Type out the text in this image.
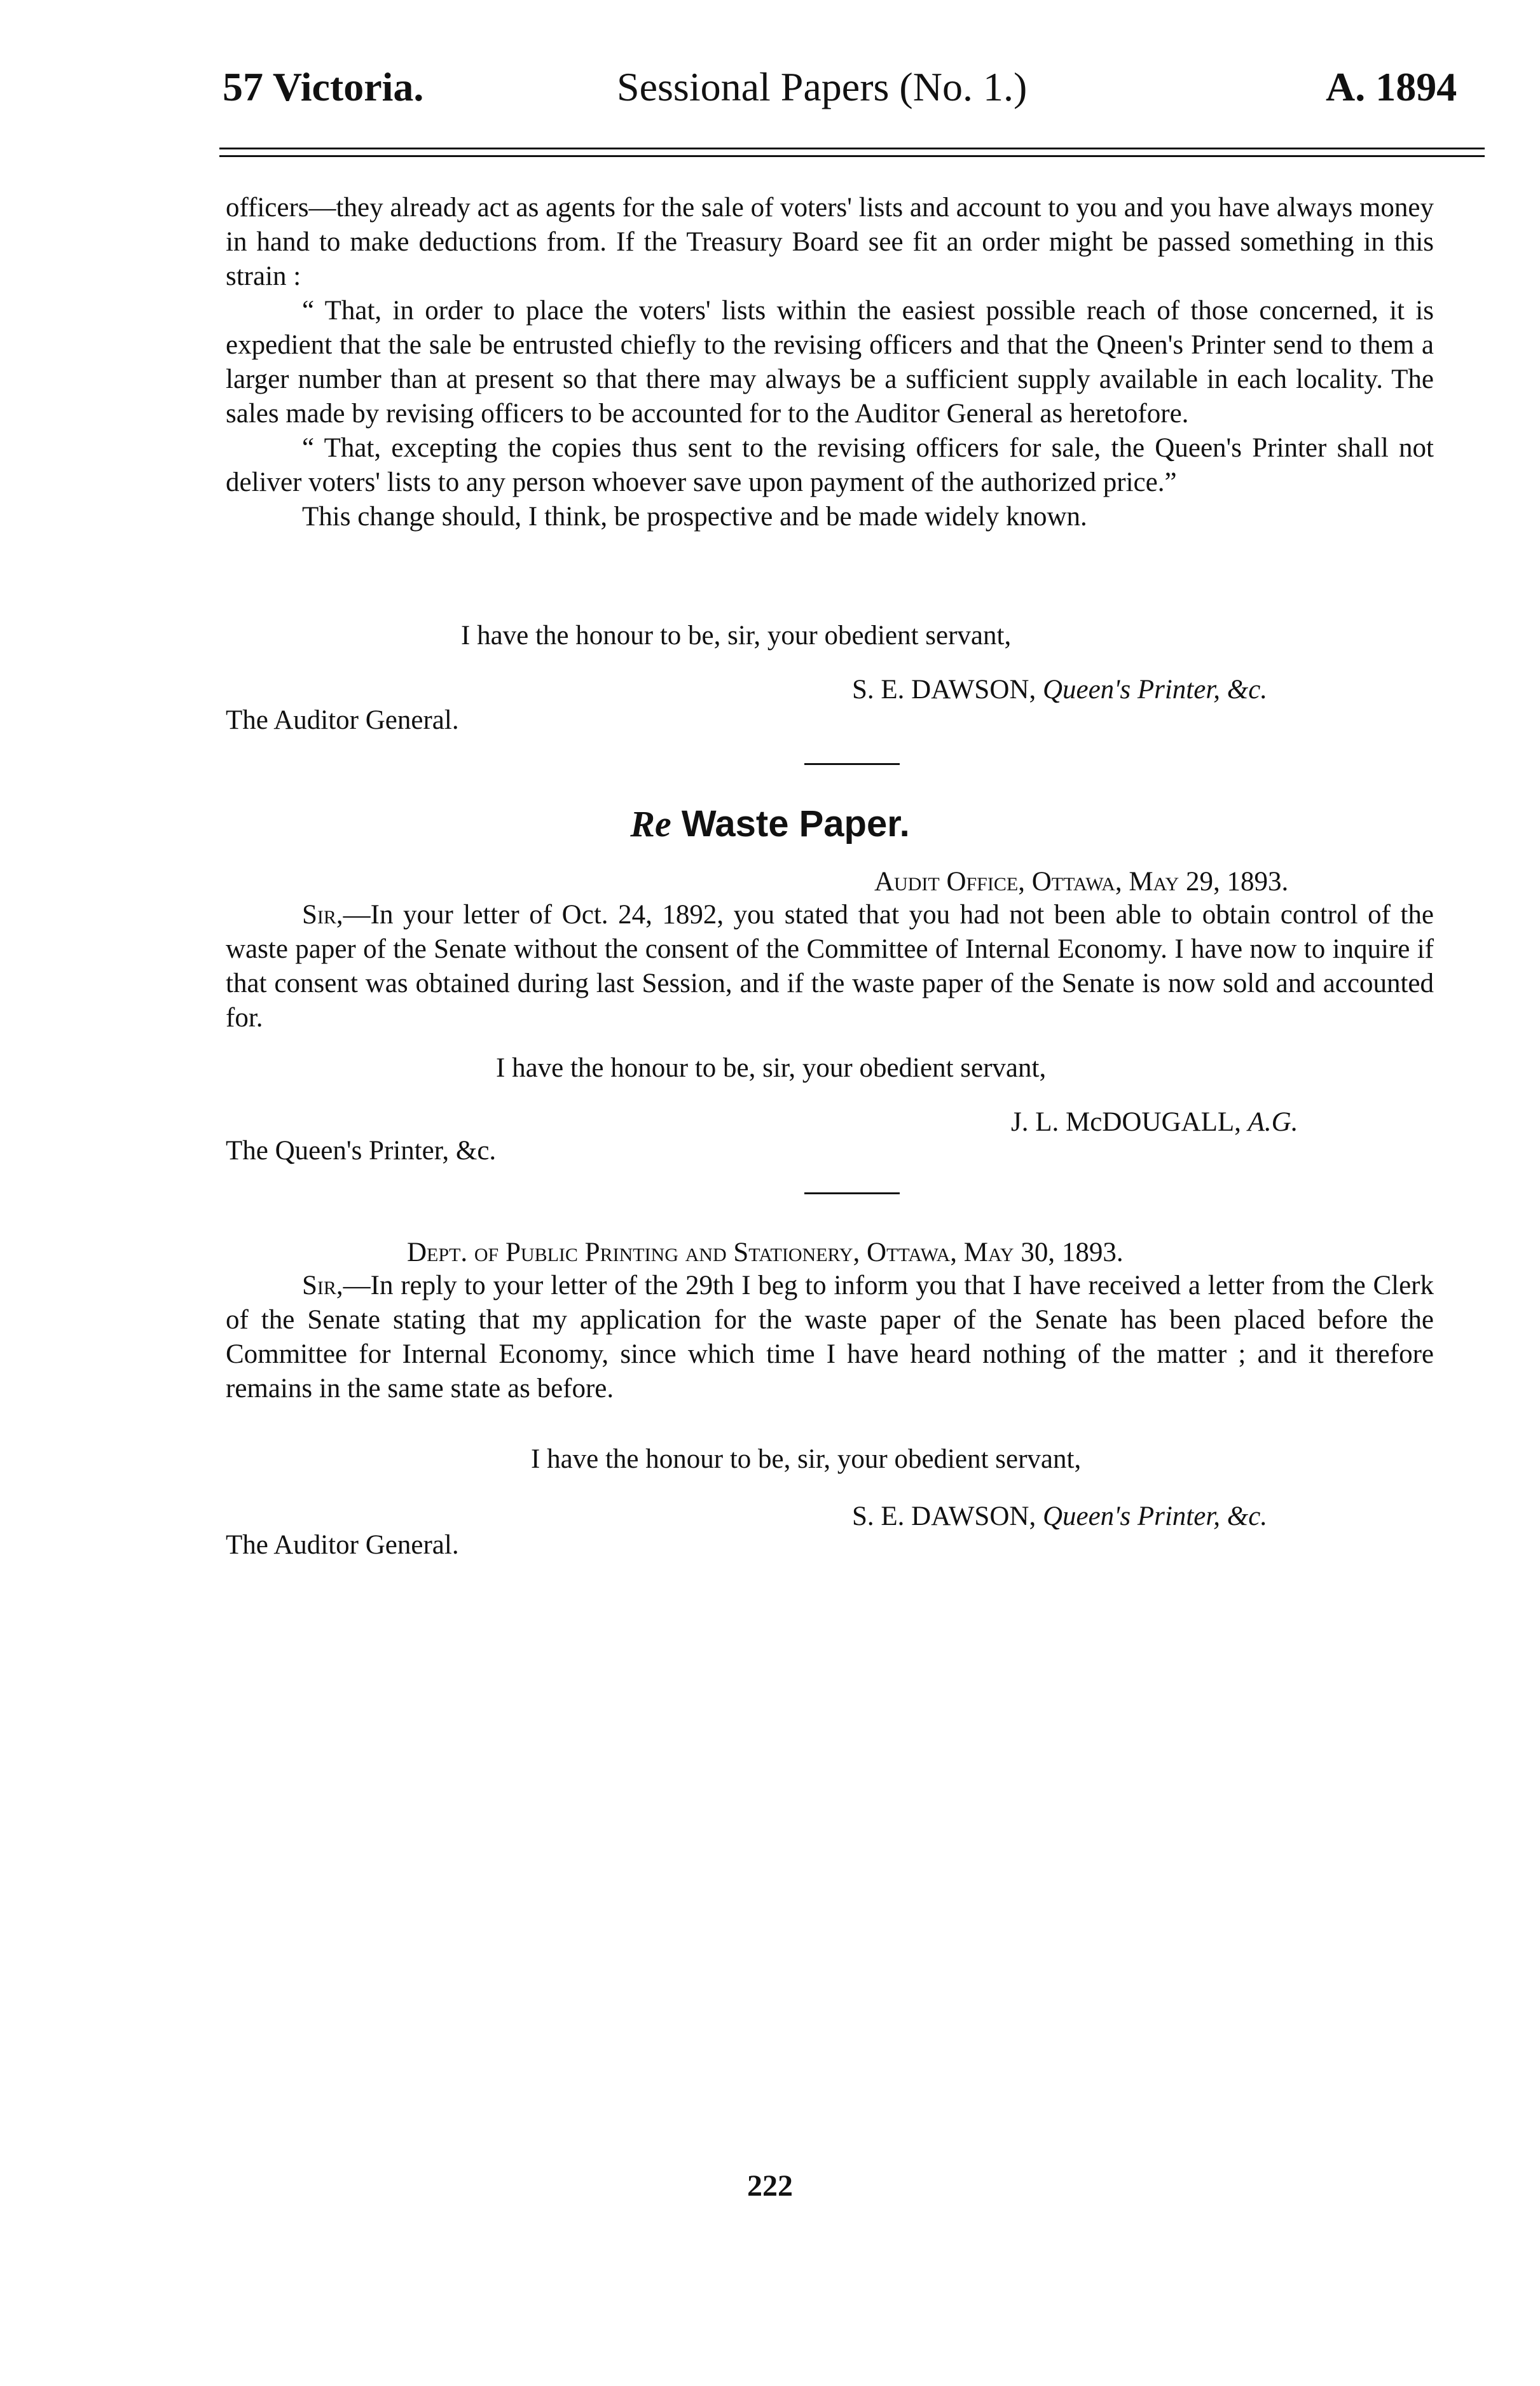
57 Victoria.	Sessional Papers (No. 1.)	A. 1894

officers—they already act as agents for the sale of voters' lists and account to you and you have always money in hand to make deductions from. If the Treasury Board see fit an order might be passed something in this strain :

“ That, in order to place the voters' lists within the easiest possible reach of those concerned, it is expedient that the sale be entrusted chiefly to the revising officers and that the Qneen's Printer send to them a larger number than at present so that there may always be a sufficient supply available in each locality. The sales made by revising officers to be accounted for to the Auditor General as heretofore.

“ That, excepting the copies thus sent to the revising officers for sale, the Queen's Printer shall not deliver voters' lists to any person whoever save upon payment of the authorized price.”

This change should, I think, be prospective and be made widely known.

I have the honour to be, sir, your obedient servant,
S. E. DAWSON, Queen's Printer, &c.
The Auditor General.
Re Waste Paper.
Audit Office, Ottawa, May 29, 1893.

Sir,—In your letter of Oct. 24, 1892, you stated that you had not been able to obtain control of the waste paper of the Senate without the consent of the Committee of Internal Economy. I have now to inquire if that consent was obtained during last Session, and if the waste paper of the Senate is now sold and accounted for.

I have the honour to be, sir, your obedient servant,
J. L. McDOUGALL, A.G.
The Queen's Printer, &c.
Dept. of Public Printing and Stationery, Ottawa, May 30, 1893.

Sir,—In reply to your letter of the 29th I beg to inform you that I have received a letter from the Clerk of the Senate stating that my application for the waste paper of the Senate has been placed before the Committee for Internal Economy, since which time I have heard nothing of the matter ; and it therefore remains in the same state as before.

I have the honour to be, sir, your obedient servant,
S. E. DAWSON, Queen's Printer, &c.
The Auditor General.
222
